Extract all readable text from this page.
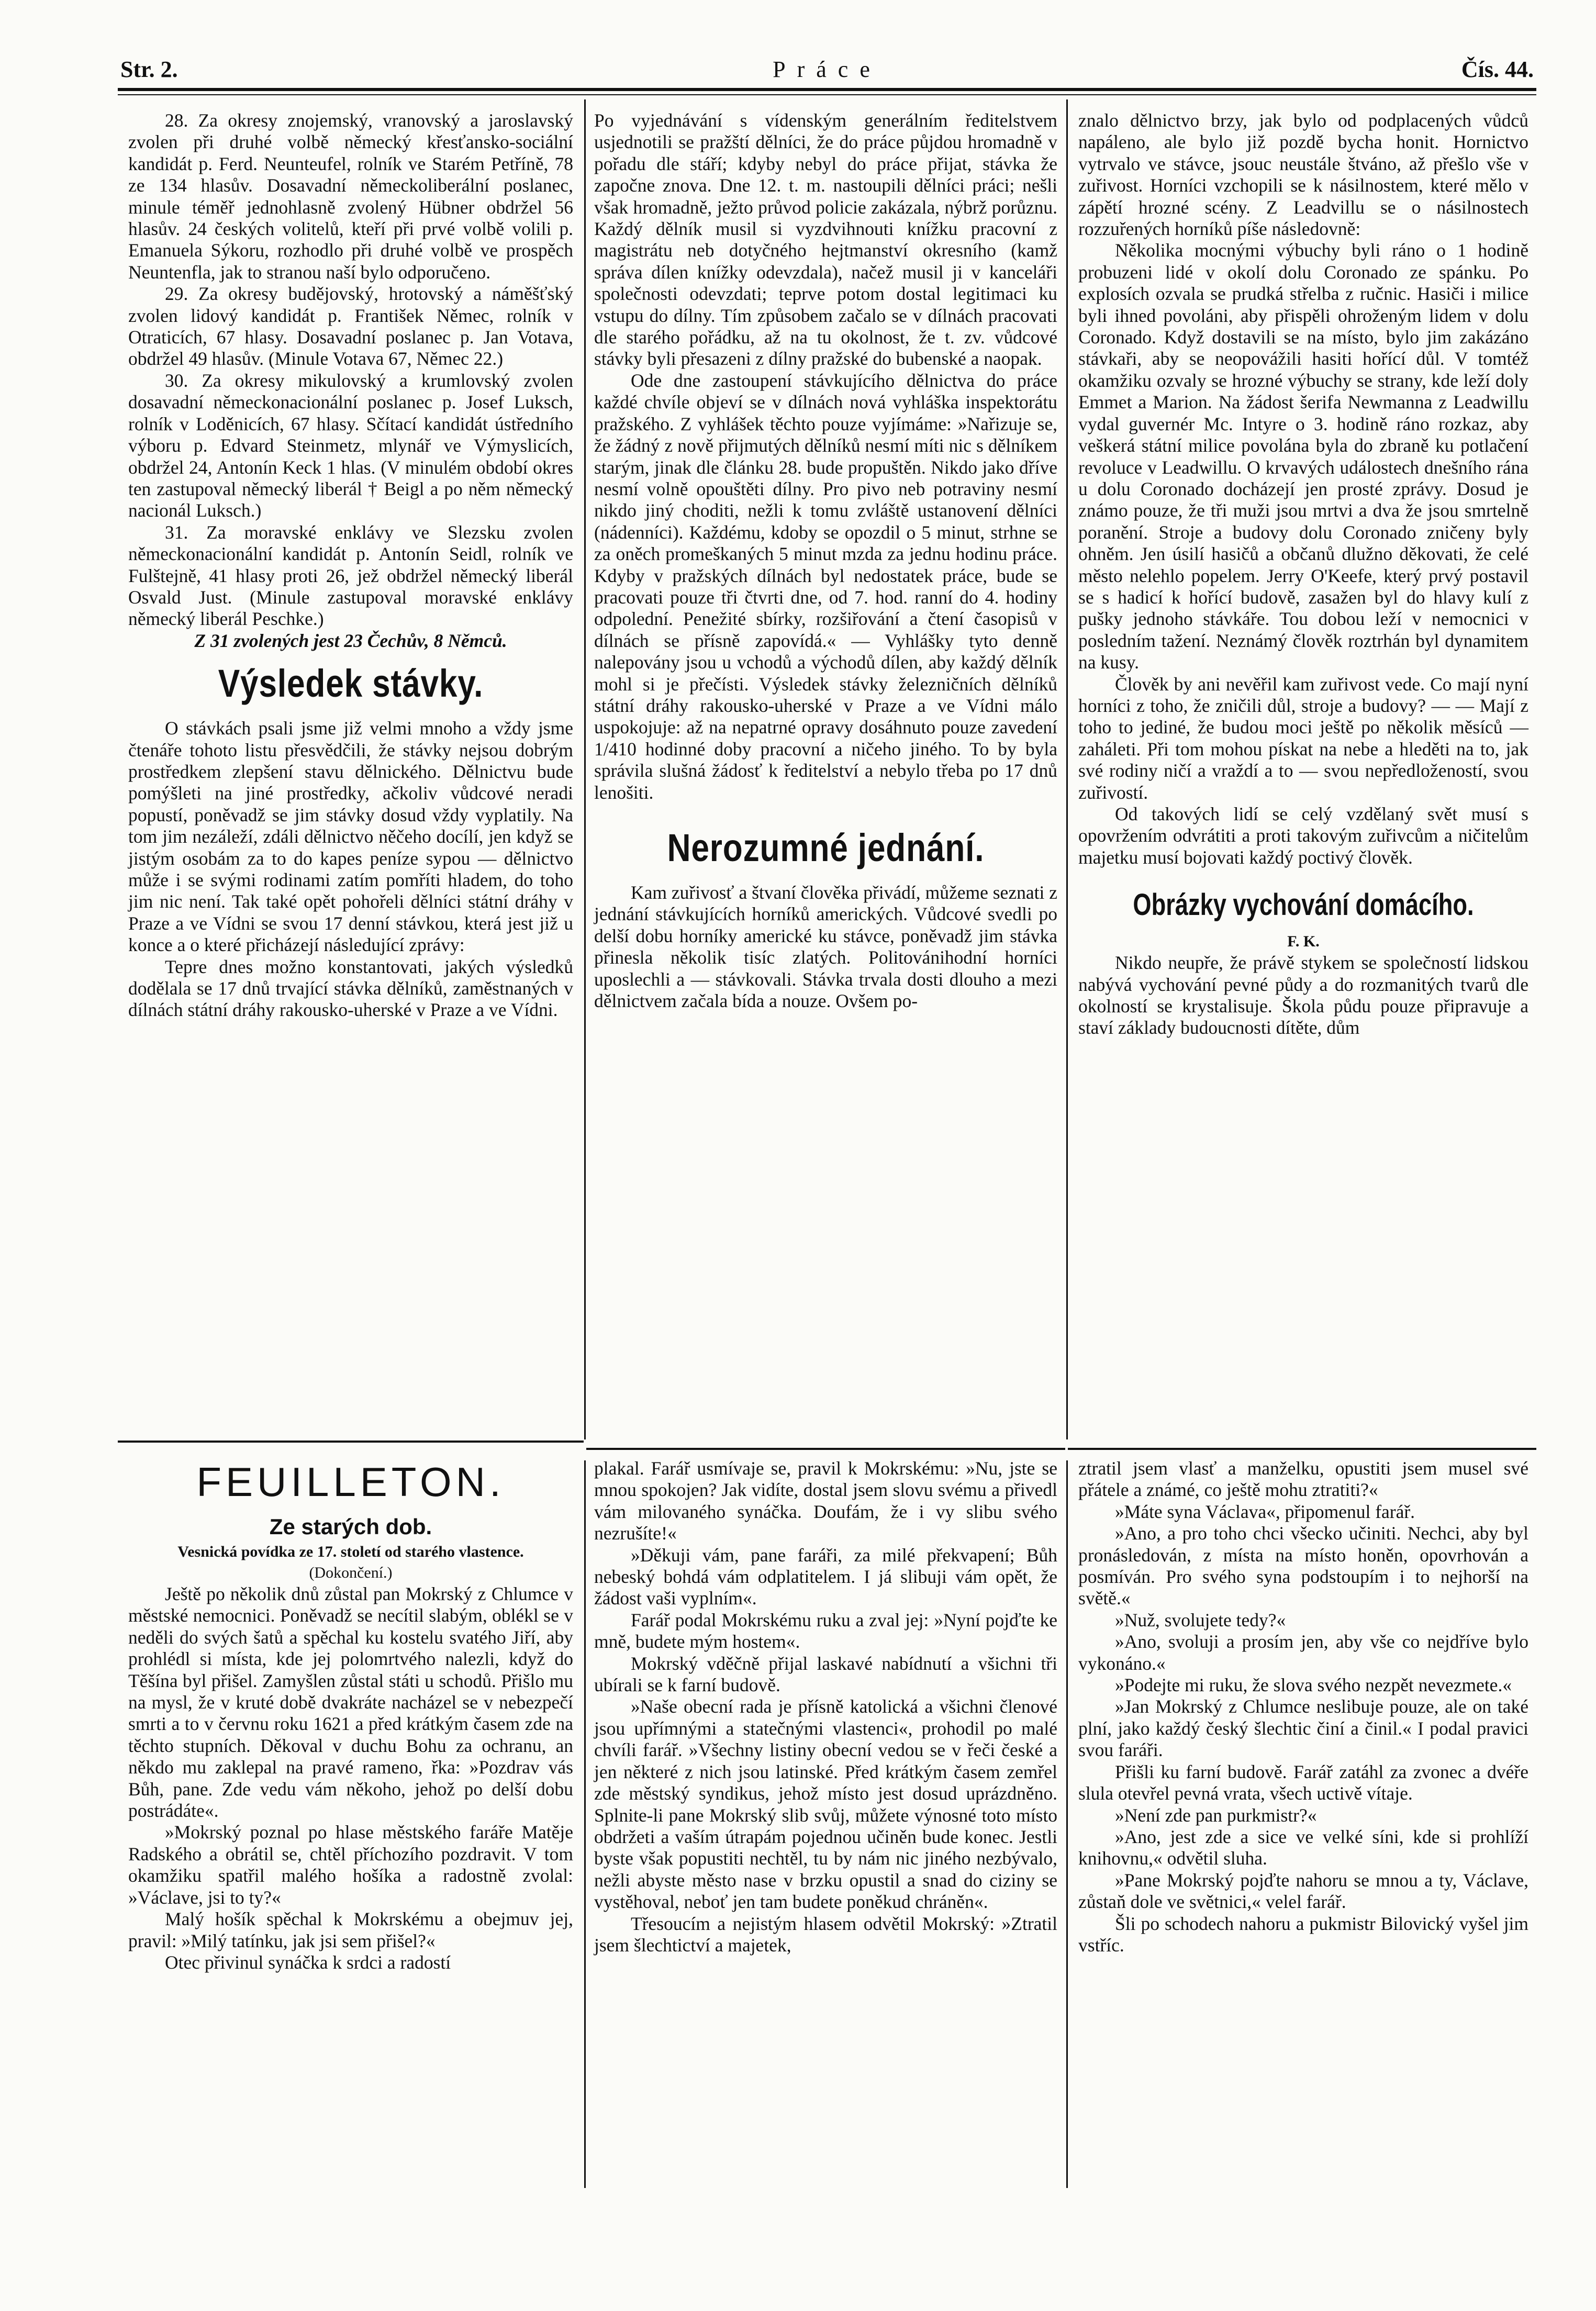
Str. 2.	Práce	Čís. 44.

28. Za okresy znojemský, vranovský a jaroslavský zvolen při druhé volbě německý křesťansko-sociální kandidát p. Ferd. Neunteufel, rolník ve Starém Petříně, 78 ze 134 hlasův. Dosavadní německoliberální poslanec, minule téměř jednohlasně zvolený Hübner obdržel 56 hlasův. 24 českých volitelů, kteří při prvé volbě volili p. Emanuela Sýkoru, rozhodlo při druhé volbě ve prospěch Neuntenfla, jak to stranou naší bylo odporučeno.

29. Za okresy budějovský, hrotovský a náměšťský zvolen lidový kandidát p. František Němec, rolník v Otraticích, 67 hlasy. Dosavadní poslanec p. Jan Votava, obdržel 49 hlasův. (Minule Votava 67, Němec 22.)

30. Za okresy mikulovský a krumlovský zvolen dosavadní německonacionální poslanec p. Josef Luksch, rolník v Loděnicích, 67 hlasy. Sčítací kandidát ústředního výboru p. Edvard Steinmetz, mlynář ve Výmyslicích, obdržel 24, Antonín Keck 1 hlas. (V minulém období okres ten zastupoval německý liberál † Beigl a po něm německý nacionál Luksch.)

31. Za moravské enklávy ve Slezsku zvolen německonacionální kandidát p. Antonín Seidl, rolník ve Fulštejně, 41 hlasy proti 26, jež obdržel německý liberál Osvald Just. (Minule zastupoval moravské enklávy německý liberál Peschke.)

Z 31 zvolených jest 23 Čechův, 8 Němců.

Výsledek stávky.

O stávkách psali jsme již velmi mnoho a vždy jsme čtenáře tohoto listu přesvědčili, že stávky nejsou dobrým prostředkem zlepšení stavu dělnického. Dělnictvu bude pomýšleti na jiné prostředky, ačkoliv vůdcové neradi popustí, poněvadž se jim stávky dosud vždy vyplatily. Na tom jim nezáleží, zdáli dělnictvo něčeho docílí, jen když se jistým osobám za to do kapes peníze sypou — dělnictvo může i se svými rodinami zatím pomříti hladem, do toho jim nic není. Tak také opět pohořeli dělníci státní dráhy v Praze a ve Vídni se svou 17 denní stávkou, která jest již u konce a o které přicházejí následující zprávy:

Tepre dnes možno konstantovati, jakých výsledků dodělala se 17 dnů trvající stávka dělníků, zaměstnaných v dílnách státní dráhy rakousko-uherské v Praze a ve Vídni.

Po vyjednávání s vídenským generálním ředitelstvem usjednotili se pražští dělníci, že do práce půjdou hromadně v pořadu dle stáří; kdyby nebyl do práce přijat, stávka že započne znova. Dne 12. t. m. nastoupili dělníci práci; nešli však hromadně, ježto průvod policie zakázala, nýbrž porůznu. Každý dělník musil si vyzdvihnouti knížku pracovní z magistrátu neb dotyčného hejtmanství okresního (kamž správa dílen knížky odevzdala), načež musil ji v kanceláři společnosti odevzdati; teprve potom dostal legitimaci ku vstupu do dílny. Tím způsobem začalo se v dílnách pracovati dle starého pořádku, až na tu okolnost, že t. zv. vůdcové stávky byli přesazeni z dílny pražské do bubenské a naopak.

Ode dne zastoupení stávkujícího dělnictva do práce každé chvíle objeví se v dílnách nová vyhláška inspektorátu pražského. Z vyhlášek těchto pouze vyjímáme: »Nařizuje se, že žádný z nově přijmutých dělníků nesmí míti nic s dělníkem starým, jinak dle článku 28. bude propuštěn. Nikdo jako dříve nesmí volně opouštěti dílny. Pro pivo neb potraviny nesmí nikdo jiný choditi, nežli k tomu zvláště ustanovení dělníci (nádenníci). Každému, kdoby se opozdil o 5 minut, strhne se za oněch promeškaných 5 minut mzda za jednu hodinu práce. Kdyby v pražských dílnách byl nedostatek práce, bude se pracovati pouze tři čtvrti dne, od 7. hod. ranní do 4. hodiny odpolední. Penežité sbírky, rozšiřování a čtení časopisů v dílnách se přísně zapovídá.« — Vyhlášky tyto denně nalepovány jsou u vchodů a východů dílen, aby každý dělník mohl si je přečísti. Výsledek stávky železničních dělníků státní dráhy rakousko-uherské v Praze a ve Vídni málo uspokojuje: až na nepatrné opravy dosáhnuto pouze zavedení 1/410 hodinné doby pracovní a ničeho jiného. To by byla správila slušná žádosť k ředitelství a nebylo třeba po 17 dnů lenošiti.

Nerozumné jednání.

Kam zuřivosť a štvaní člověka přivádí, můžeme seznati z jednání stávkujících horníků amerických. Vůdcové svedli po delší dobu horníky americké ku stávce, poněvadž jim stávka přinesla několik tisíc zlatých. Politovánihodní horníci uposlechli a — stávkovali. Stávka trvala dosti dlouho a mezi dělnictvem začala bída a nouze. Ovšem po-

znalo dělnictvo brzy, jak bylo od podplacených vůdců napáleno, ale bylo již pozdě bycha honit. Hornictvo vytrvalo ve stávce, jsouc neustále štváno, až přešlo vše v zuřivost. Horníci vzchopili se k násilnostem, které mělo v zápětí hrozné scény. Z Leadvillu se o násilnostech rozzuřených horníků píše následovně:

Několika mocnými výbuchy byli ráno o 1 hodině probuzeni lidé v okolí dolu Coronado ze spánku. Po explosích ozvala se prudká střelba z ručnic. Hasiči i milice byli ihned povoláni, aby přispěli ohroženým lidem v dolu Coronado. Když dostavili se na místo, bylo jim zakázáno stávkaři, aby se neopovážili hasiti hořící důl. V tomtéž okamžiku ozvaly se hrozné výbuchy se strany, kde leží doly Emmet a Marion. Na žádost šerifa Newmanna z Leadwillu vydal guvernér Mc. Intyre o 3. hodině ráno rozkaz, aby veškerá státní milice povolána byla do zbraně ku potlačení revoluce v Leadwillu. O krvavých událostech dnešního rána u dolu Coronado docházejí jen prosté zprávy. Dosud je známo pouze, že tři muži jsou mrtvi a dva že jsou smrtelně poranění. Stroje a budovy dolu Coronado zničeny byly ohněm. Jen úsilí hasičů a občanů dlužno děkovati, že celé město nelehlo popelem. Jerry O'Keefe, který prvý postavil se s hadicí k hořící budově, zasažen byl do hlavy kulí z pušky jednoho stávkáře. Tou dobou leží v nemocnici v posledním tažení. Neznámý člověk roztrhán byl dynamitem na kusy.

Člověk by ani nevěřil kam zuřivost vede. Co mají nyní horníci z toho, že zničili důl, stroje a budovy? — — Mají z toho to jediné, že budou moci ještě po několik měsíců — zaháleti. Při tom mohou pískat na nebe a hleděti na to, jak své rodiny ničí a vraždí a to — svou nepředložeností, svou zuřivostí.

Od takových lidí se celý vzdělaný svět musí s opovržením odvrátiti a proti takovým zuřivcům a ničitelům majetku musí bojovati každý poctivý člověk.

Obrázky vychování domácího.
F. K.

Nikdo neupře, že právě stykem se společností lidskou nabývá vychování pevné půdy a do rozmanitých tvarů dle okolností se krystalisuje. Škola půdu pouze připravuje a staví základy budoucnosti dítěte, dům

FEUILLETON.
Ze starých dob.
Vesnická povídka ze 17. století od starého vlastence.
(Dokončení.)

Ještě po několik dnů zůstal pan Mokrský z Chlumce v městské nemocnici. Poněvadž se necítil slabým, oblékl se v neděli do svých šatů a spěchal ku kostelu svatého Jiří, aby prohlédl si místa, kde jej polomrtvého nalezli, když do Těšína byl přišel. Zamyšlen zůstal státi u schodů. Přišlo mu na mysl, že v kruté době dvakráte nacházel se v nebezpečí smrti a to v červnu roku 1621 a před krátkým časem zde na těchto stupních. Děkoval v duchu Bohu za ochranu, an někdo mu zaklepal na pravé rameno, řka: »Pozdrav vás Bůh, pane. Zde vedu vám někoho, jehož po delší dobu postrádáte«.

»Mokrský poznal po hlase městského faráře Matěje Radského a obrátil se, chtěl příchozího pozdravit. V tom okamžiku spatřil malého hošíka a radostně zvolal: »Václave, jsi to ty?«

Malý hošík spěchal k Mokrskému a obejmuv jej, pravil: »Milý tatínku, jak jsi sem přišel?«

Otec přivinul synáčka k srdci a radostí

plakal. Farář usmívaje se, pravil k Mokrskému: »Nu, jste se mnou spokojen? Jak vidíte, dostal jsem slovu svému a přivedl vám milovaného synáčka. Doufám, že i vy slibu svého nezrušíte!«

»Děkuji vám, pane faráři, za milé překvapení; Bůh nebeský bohdá vám odplatitelem. I já slibuji vám opět, že žádost vaši vyplním«.

Farář podal Mokrskému ruku a zval jej: »Nyní pojďte ke mně, budete mým hostem«.

Mokrský vděčně přijal laskavé nabídnutí a všichni tři ubírali se k farní budově.

»Naše obecní rada je přísně katolická a všichni členové jsou upřímnými a statečnými vlastenci«, prohodil po malé chvíli farář. »Všechny listiny obecní vedou se v řeči české a jen některé z nich jsou latinské. Před krátkým časem zemřel zde městský syndikus, jehož místo jest dosud uprázdněno. Splnite-li pane Mokrský slib svůj, můžete výnosné toto místo obdržeti a vaším útrapám pojednou učiněn bude konec. Jestli byste však popustiti nechtěl, tu by nám nic jiného nezbývalo, nežli abyste město nase v brzku opustil a snad do ciziny se vystěhoval, neboť jen tam budete poněkud chráněn«.

Třesoucím a nejistým hlasem odvětil Mokrský: »Ztratil jsem šlechtictví a majetek,

ztratil jsem vlasť a manželku, opustiti jsem musel své přátele a známé, co ještě mohu ztratiti?«

»Máte syna Václava«, připomenul farář.

»Ano, a pro toho chci všecko učiniti. Nechci, aby byl pronásledován, z místa na místo honěn, opovrhován a posmíván. Pro svého syna podstoupím i to nejhorší na světě.«

»Nuž, svolujete tedy?«

»Ano, svoluji a prosím jen, aby vše co nejdříve bylo vykonáno.«

»Podejte mi ruku, že slova svého nezpět nevezmete.«

»Jan Mokrský z Chlumce neslibuje pouze, ale on také plní, jako každý český šlechtic činí a činil.« I podal pravici svou faráři.

Přišli ku farní budově. Farář zatáhl za zvonec a dvéře slula otevřel pevná vrata, všech uctivě vítaje.

»Není zde pan purkmistr?«

»Ano, jest zde a sice ve velké síni, kde si prohlíží knihovnu,« odvětil sluha.

»Pane Mokrský pojďte nahoru se mnou a ty, Václave, zůstaň dole ve světnici,« velel farář.

Šli po schodech nahoru a pukmistr Bilovický vyšel jim vstříc.
